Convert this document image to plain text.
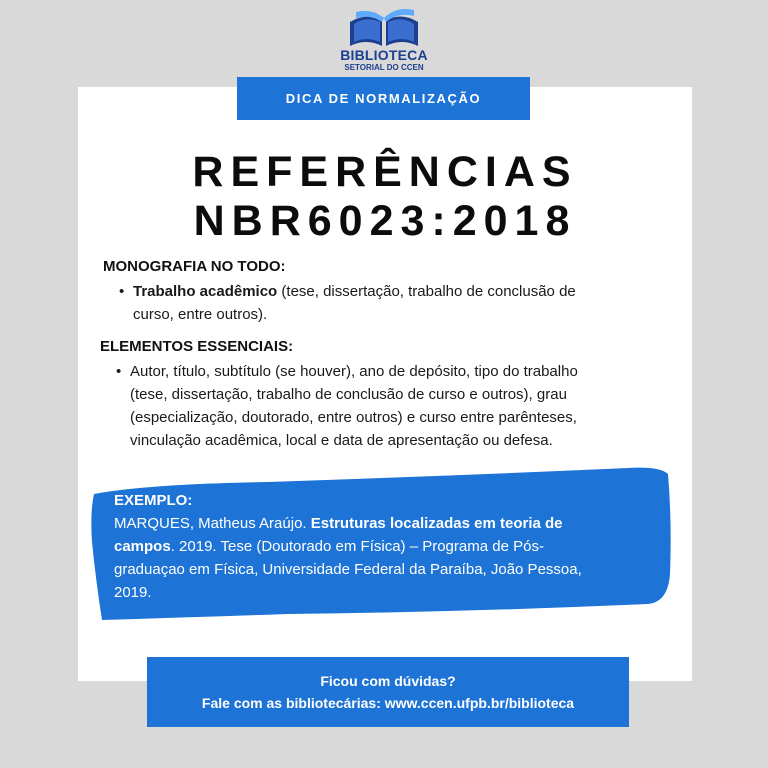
BIBLIOTECA
SETORIAL DO CCEN
DICA DE NORMALIZAÇÃO
REFERÊNCIAS
NBR6023:2018
MONOGRAFIA NO TODO:
• Trabalho acadêmico (tese, dissertação, trabalho de conclusão de
curso, entre outros).
ELEMENTOS ESSENCIAIS:
• Autor, título, subtítulo (se houver), ano de depósito, tipo do trabalho
(tese, dissertação, trabalho de conclusão de curso e outros), grau
(especialização, doutorado, entre outros) e curso entre parênteses,
vinculação acadêmica, local e data de apresentação ou defesa.
EXEMPLO:
MARQUES, Matheus Araújo. Estruturas localizadas em teoria de
campos. 2019. Tese (Doutorado em Física) – Programa de Pós-
graduaçao em Física, Universidade Federal da Paraíba, João Pessoa,
2019.
Ficou com dúvidas?
Fale com as bibliotecárias: www.ccen.ufpb.br/biblioteca
